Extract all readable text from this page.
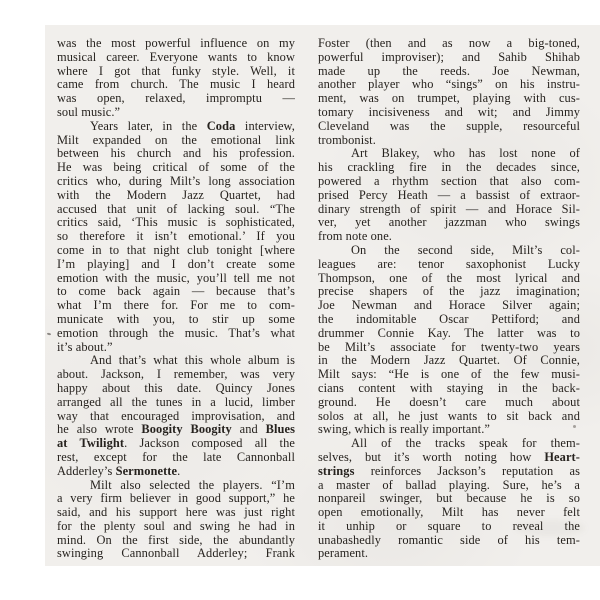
was the most powerful influence on my
musical career. Everyone wants to know
where I got that funky style. Well, it
came from church. The music I heard
was open, relaxed, impromptu —
soul music.”
Years later, in the Coda interview,
Milt expanded on the emotional link
between his church and his profession.
He was being critical of some of the
critics who, during Milt’s long association
with the Modern Jazz Quartet, had
accused that unit of lacking soul. “The
critics said, ‘This music is sophisticated,
so therefore it isn’t emotional.’ If you
come in to that night club tonight [where
I’m playing] and I don’t create some
emotion with the music, you’ll tell me not
to come back again — because that’s
what I’m there for. For me to com-
municate with you, to stir up some
emotion through the music. That’s what
it’s about.”
And that’s what this whole album is
about. Jackson, I remember, was very
happy about this date. Quincy Jones
arranged all the tunes in a lucid, limber
way that encouraged improvisation, and
he also wrote Boogity Boogity and Blues
at Twilight. Jackson composed all the
rest, except for the late Cannonball
Adderley’s Sermonette.
Milt also selected the players. “I’m
a very firm believer in good support,” he
said, and his support here was just right
for the plenty soul and swing he had in
mind. On the first side, the abundantly
swinging Cannonball Adderley; Frank
Foster (then and as now a big-toned,
powerful improviser); and Sahib Shihab
made up the reeds. Joe Newman,
another player who “sings” on his instru-
ment, was on trumpet, playing with cus-
tomary incisiveness and wit; and Jimmy
Cleveland was the supple, resourceful
trombonist.
Art Blakey, who has lost none of
his crackling fire in the decades since,
powered a rhythm section that also com-
prised Percy Heath — a bassist of extraor-
dinary strength of spirit — and Horace Sil-
ver, yet another jazzman who swings
from note one.
On the second side, Milt’s col-
leagues are: tenor saxophonist Lucky
Thompson, one of the most lyrical and
precise shapers of the jazz imagination;
Joe Newman and Horace Silver again;
the indomitable Oscar Pettiford; and
drummer Connie Kay. The latter was to
be Milt’s associate for twenty-two years
in the Modern Jazz Quartet. Of Connie,
Milt says: “He is one of the few musi-
cians content with staying in the back-
ground. He doesn’t care much about
solos at all, he just wants to sit back and
swing, which is really important.”
All of the tracks speak for them-
selves, but it’s worth noting how Heart-
strings reinforces Jackson’s reputation as
a master of ballad playing. Sure, he’s a
nonpareil swinger, but because he is so
open emotionally, Milt has never felt
it unhip or square to reveal the
unabashedly romantic side of his tem-
perament.
